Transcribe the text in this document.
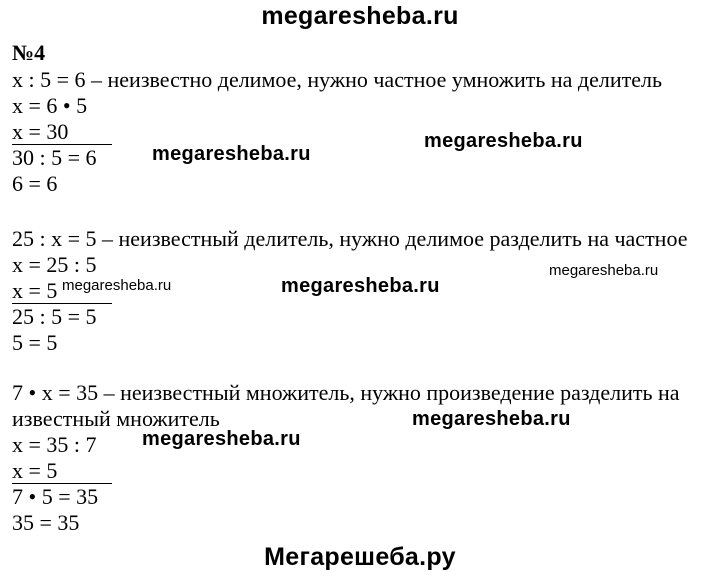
megaresheba.ru
№4
х : 5 = 6 – неизвестно делимое, нужно частное умножить на делитель
х = 6 • 5
х = 30
30 : 5 = 6
6 = 6
megaresheba.ru
megaresheba.ru
25 : х = 5 – неизвестный делитель, нужно делимое разделить на частное
х = 25 : 5
х = 5
25 : 5 = 5
5 = 5
megaresheba.ru
megaresheba.ru
megaresheba.ru
7 • х = 35 – неизвестный множитель, нужно произведение разделить на
известный множитель
х = 35 : 7
х = 5
7 • 5 = 35
35 = 35
megaresheba.ru
megaresheba.ru
Мегарешеба.ру
